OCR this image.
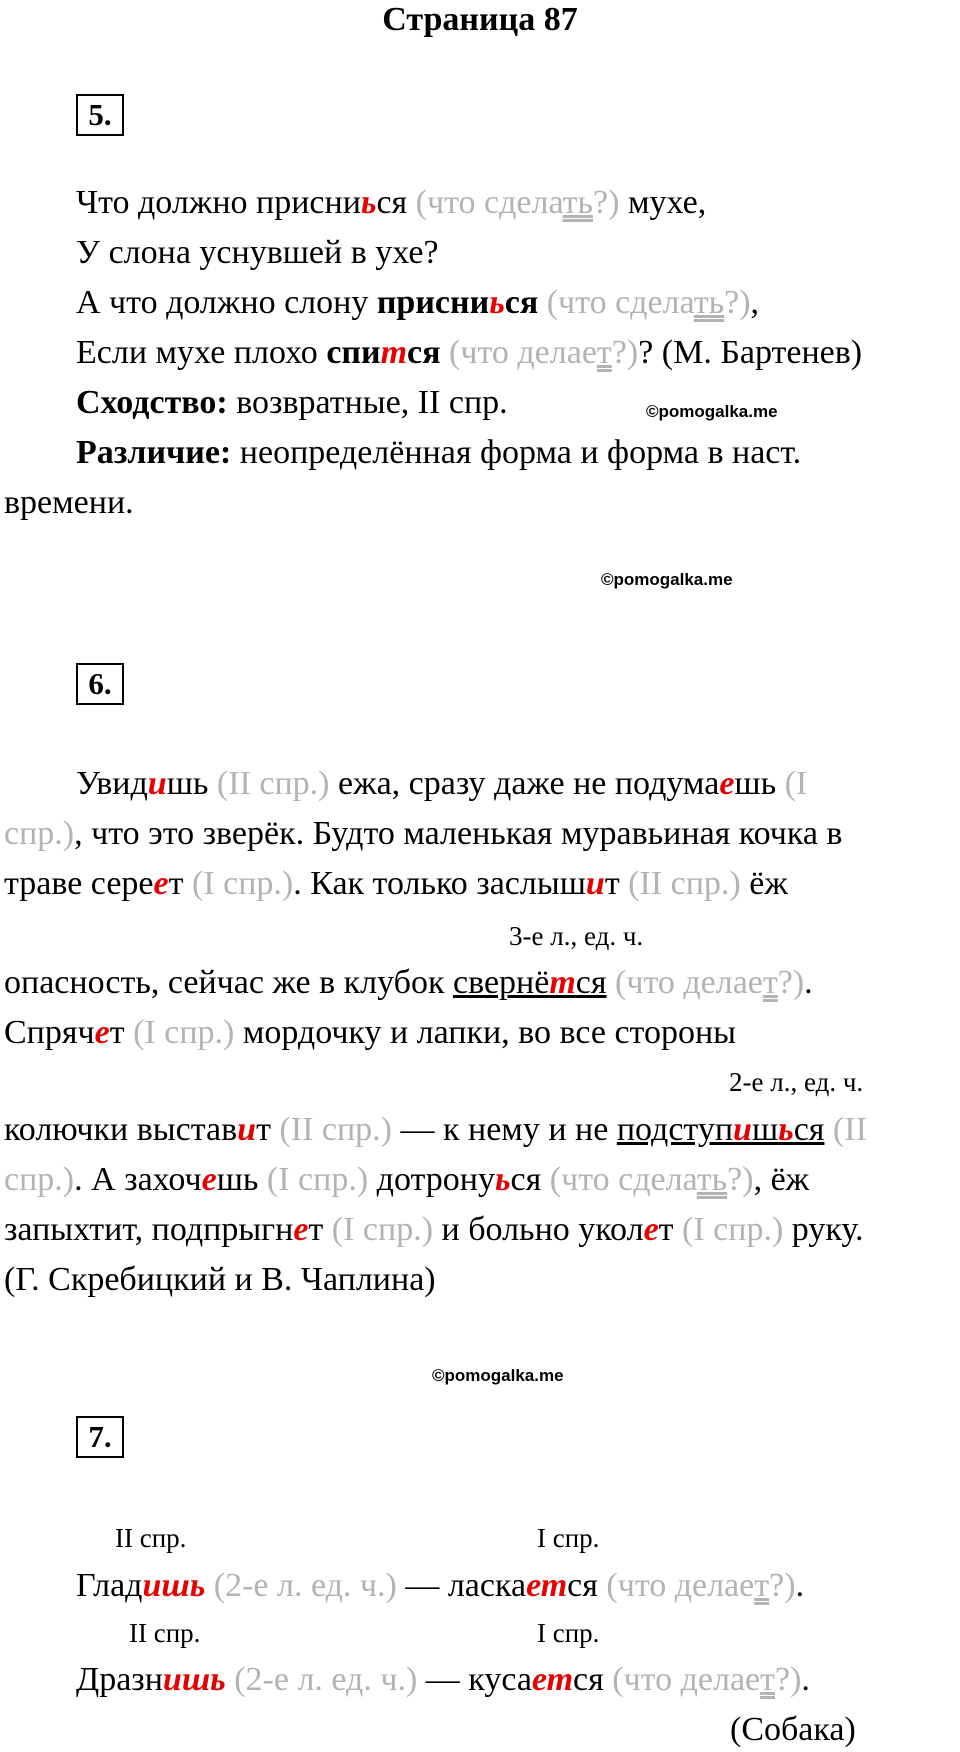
Страница 87
5.
Что должно присниься (что сделать?) мухе,
У слона уснувшей в ухе?
А что должно слону присниься (что сделать?),
Если мухе плохо спится (что делает?)? (М. Бартенев)
Сходство: возвратные, II спр.	©pomogalka.me
Различие: неопределённая форма и форма в наст.
времени.
©pomogalka.me
6.
Увидишь (II спр.) ежа, сразу даже не подумаешь (I
спр.), что это зверёк. Будто маленькая муравьиная кочка в
траве сереет (I спр.). Как только заслышит (II спр.) ёж
3-е л., ед. ч.
опасность, сейчас же в клубок свернётся (что делает?).
Спрячет (I спр.) мордочку и лапки, во все стороны
2-е л., ед. ч.
колючки выставит (II спр.) — к нему и не подступишься (II
спр.). А захочешь (I спр.) дотронуься (что сделать?), ёж
запыхтит, подпрыгнет (I спр.) и больно уколет (I спр.) руку.
(Г. Скребицкий и В. Чаплина)
©pomogalka.me
7.
II спр.	I спр.
Гладишь (2-е л. ед. ч.) — ласкается (что делает?).
II спр.	I спр.
Дразнишь (2-е л. ед. ч.) — кусается (что делает?).
(Собака)
